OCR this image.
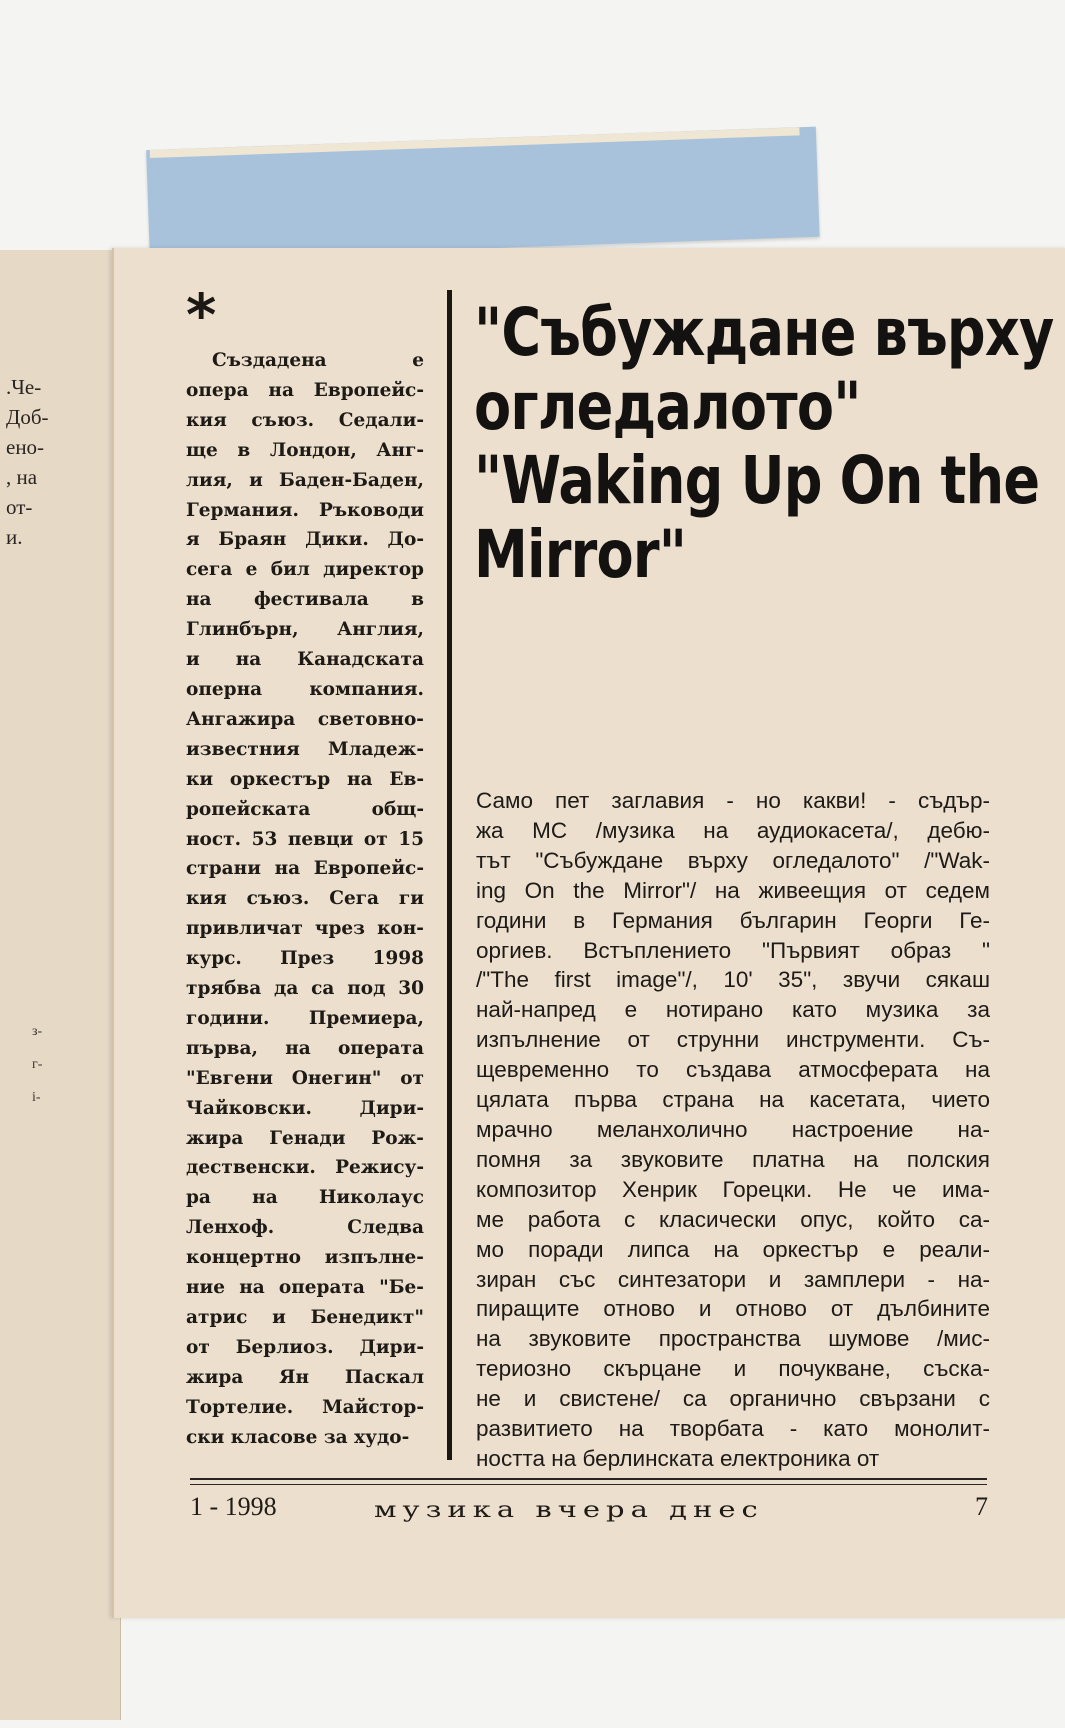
.Че-
Доб-
ено-
, на
от-
и.
з-
г-
і-
*
Създадена е
опера на Европейс-
кия съюз. Седали-
ще в Лондон, Анг-
лия, и Баден-Баден,
Германия. Ръководи
я Браян Дики. До-
сега е бил директор
на фестивала в
Глинбърн, Англия,
и на Канадската
оперна компания.
Ангажира световно-
известния Младеж-
ки оркестър на Ев-
ропейската общ-
ност. 53 певци от 15
страни на Европейс-
кия съюз. Сега ги
привличат чрез кон-
курс. През 1998
трябва да са под 30
години. Премиера,
първа, на операта
"Евгени Онегин" от
Чайковски. Дири-
жира Генади Рож-
дественски. Режису-
ра на Николаус
Ленхоф. Следва
концертно изпълне-
ние на операта "Бе-
атрис и Бенедикт"
от Берлиоз. Дири-
жира Ян Паскал
Тортелие. Майстор-
ски класове за худо-
"Събуждане върху
огледалото"
"Waking Up On the
Mirror"
Само пет заглавия - но какви! - съдър-
жа МС /музика на аудиокасета/, дебю-
тът "Събуждане върху огледалото" /"Wak-
ing On the Mirror"/ на живеещия от седем
години в Германия българин Георги Ге-
оргиев. Встъплението "Първият образ "
/"The first image"/, 10' 35", звучи сякаш
най-напред е нотирано като музика за
изпълнение от струнни инструменти. Съ-
щевременно то създава атмосферата на
цялата първа страна на касетата, чието
мрачно меланхолично настроение на-
помня за звуковите платна на полския
композитор Хенрик Горецки. Не че има-
ме работа с класически опус, който са-
мо поради липса на оркестър е реали-
зиран със синтезатори и замплери - на-
пиращите отново и отново от дълбините
на звуковите пространства шумове /мис-
териозно скърцане и почукване, съска-
не и свистене/ са органично свързани с
развитието на творбата - като монолит-
ността на берлинската електроника от
1 - 1998	музика вчера днес	7
